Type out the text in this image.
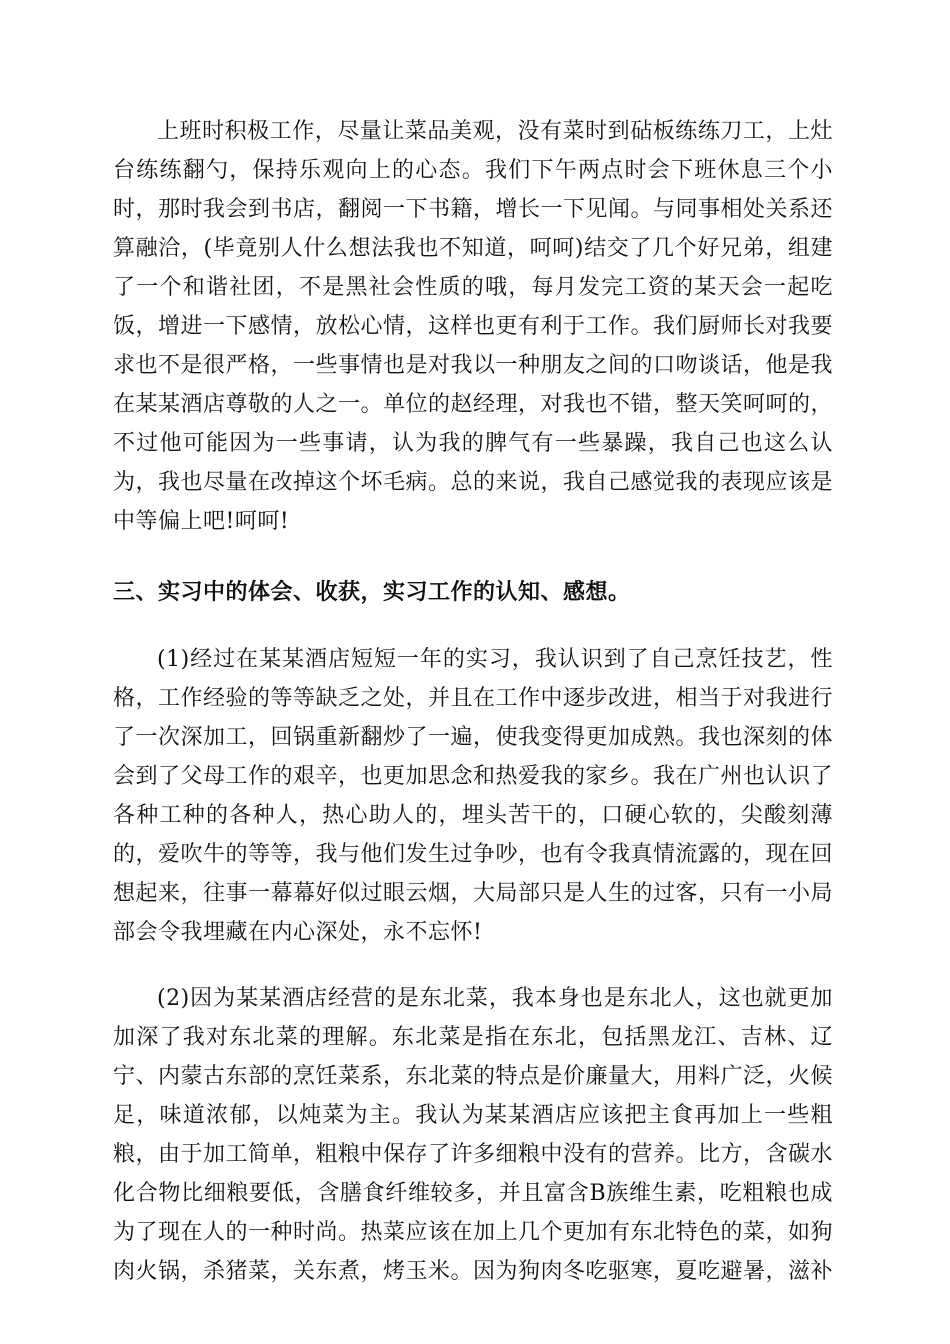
上班时积极工作，尽量让菜品美观，没有菜时到砧板练练刀工，上灶台练练翻勺，保持乐观向上的心态。我们下午两点时会下班休息三个小时，那时我会到书店，翻阅一下书籍，增长一下见闻。与同事相处关系还算融洽，(毕竟别人什么想法我也不知道，呵呵)结交了几个好兄弟，组建了一个和谐社团，不是黑社会性质的哦，每月发完工资的某天会一起吃饭，增进一下感情，放松心情，这样也更有利于工作。我们厨师长对我要求也不是很严格，一些事情也是对我以一种朋友之间的口吻谈话，他是我在某某酒店尊敬的人之一。单位的赵经理，对我也不错，整天笑呵呵的，不过他可能因为一些事请，认为我的脾气有一些暴躁，我自己也这么认为，我也尽量在改掉这个坏毛病。总的来说，我自己感觉我的表现应该是中等偏上吧!呵呵!

三、实习中的体会、收获，实习工作的认知、感想。

(1)经过在某某酒店短短一年的实习，我认识到了自己烹饪技艺，性格，工作经验的等等缺乏之处，并且在工作中逐步改进，相当于对我进行了一次深加工，回锅重新翻炒了一遍，使我变得更加成熟。我也深刻的体会到了父母工作的艰辛，也更加思念和热爱我的家乡。我在广州也认识了各种工种的各种人，热心助人的，埋头苦干的，口硬心软的，尖酸刻薄的，爱吹牛的等等，我与他们发生过争吵，也有令我真情流露的，现在回想起来，往事一幕幕好似过眼云烟，大局部只是人生的过客，只有一小局部会令我埋藏在内心深处，永不忘怀!

(2)因为某某酒店经营的是东北菜，我本身也是东北人，这也就更加加深了我对东北菜的理解。东北菜是指在东北，包括黑龙江、吉林、辽宁、内蒙古东部的烹饪菜系，东北菜的特点是价廉量大，用料广泛，火候足，味道浓郁，以炖菜为主。我认为某某酒店应该把主食再加上一些粗粮，由于加工简单，粗粮中保存了许多细粮中没有的营养。比方，含碳水化合物比细粮要低，含膳食纤维较多，并且富含B族维生素，吃粗粮也成为了现在人的一种时尚。热菜应该在加上几个更加有东北特色的菜，如狗肉火锅，杀猪菜，关东煮，烤玉米。因为狗肉冬吃驱寒，夏吃避暑，滋补
